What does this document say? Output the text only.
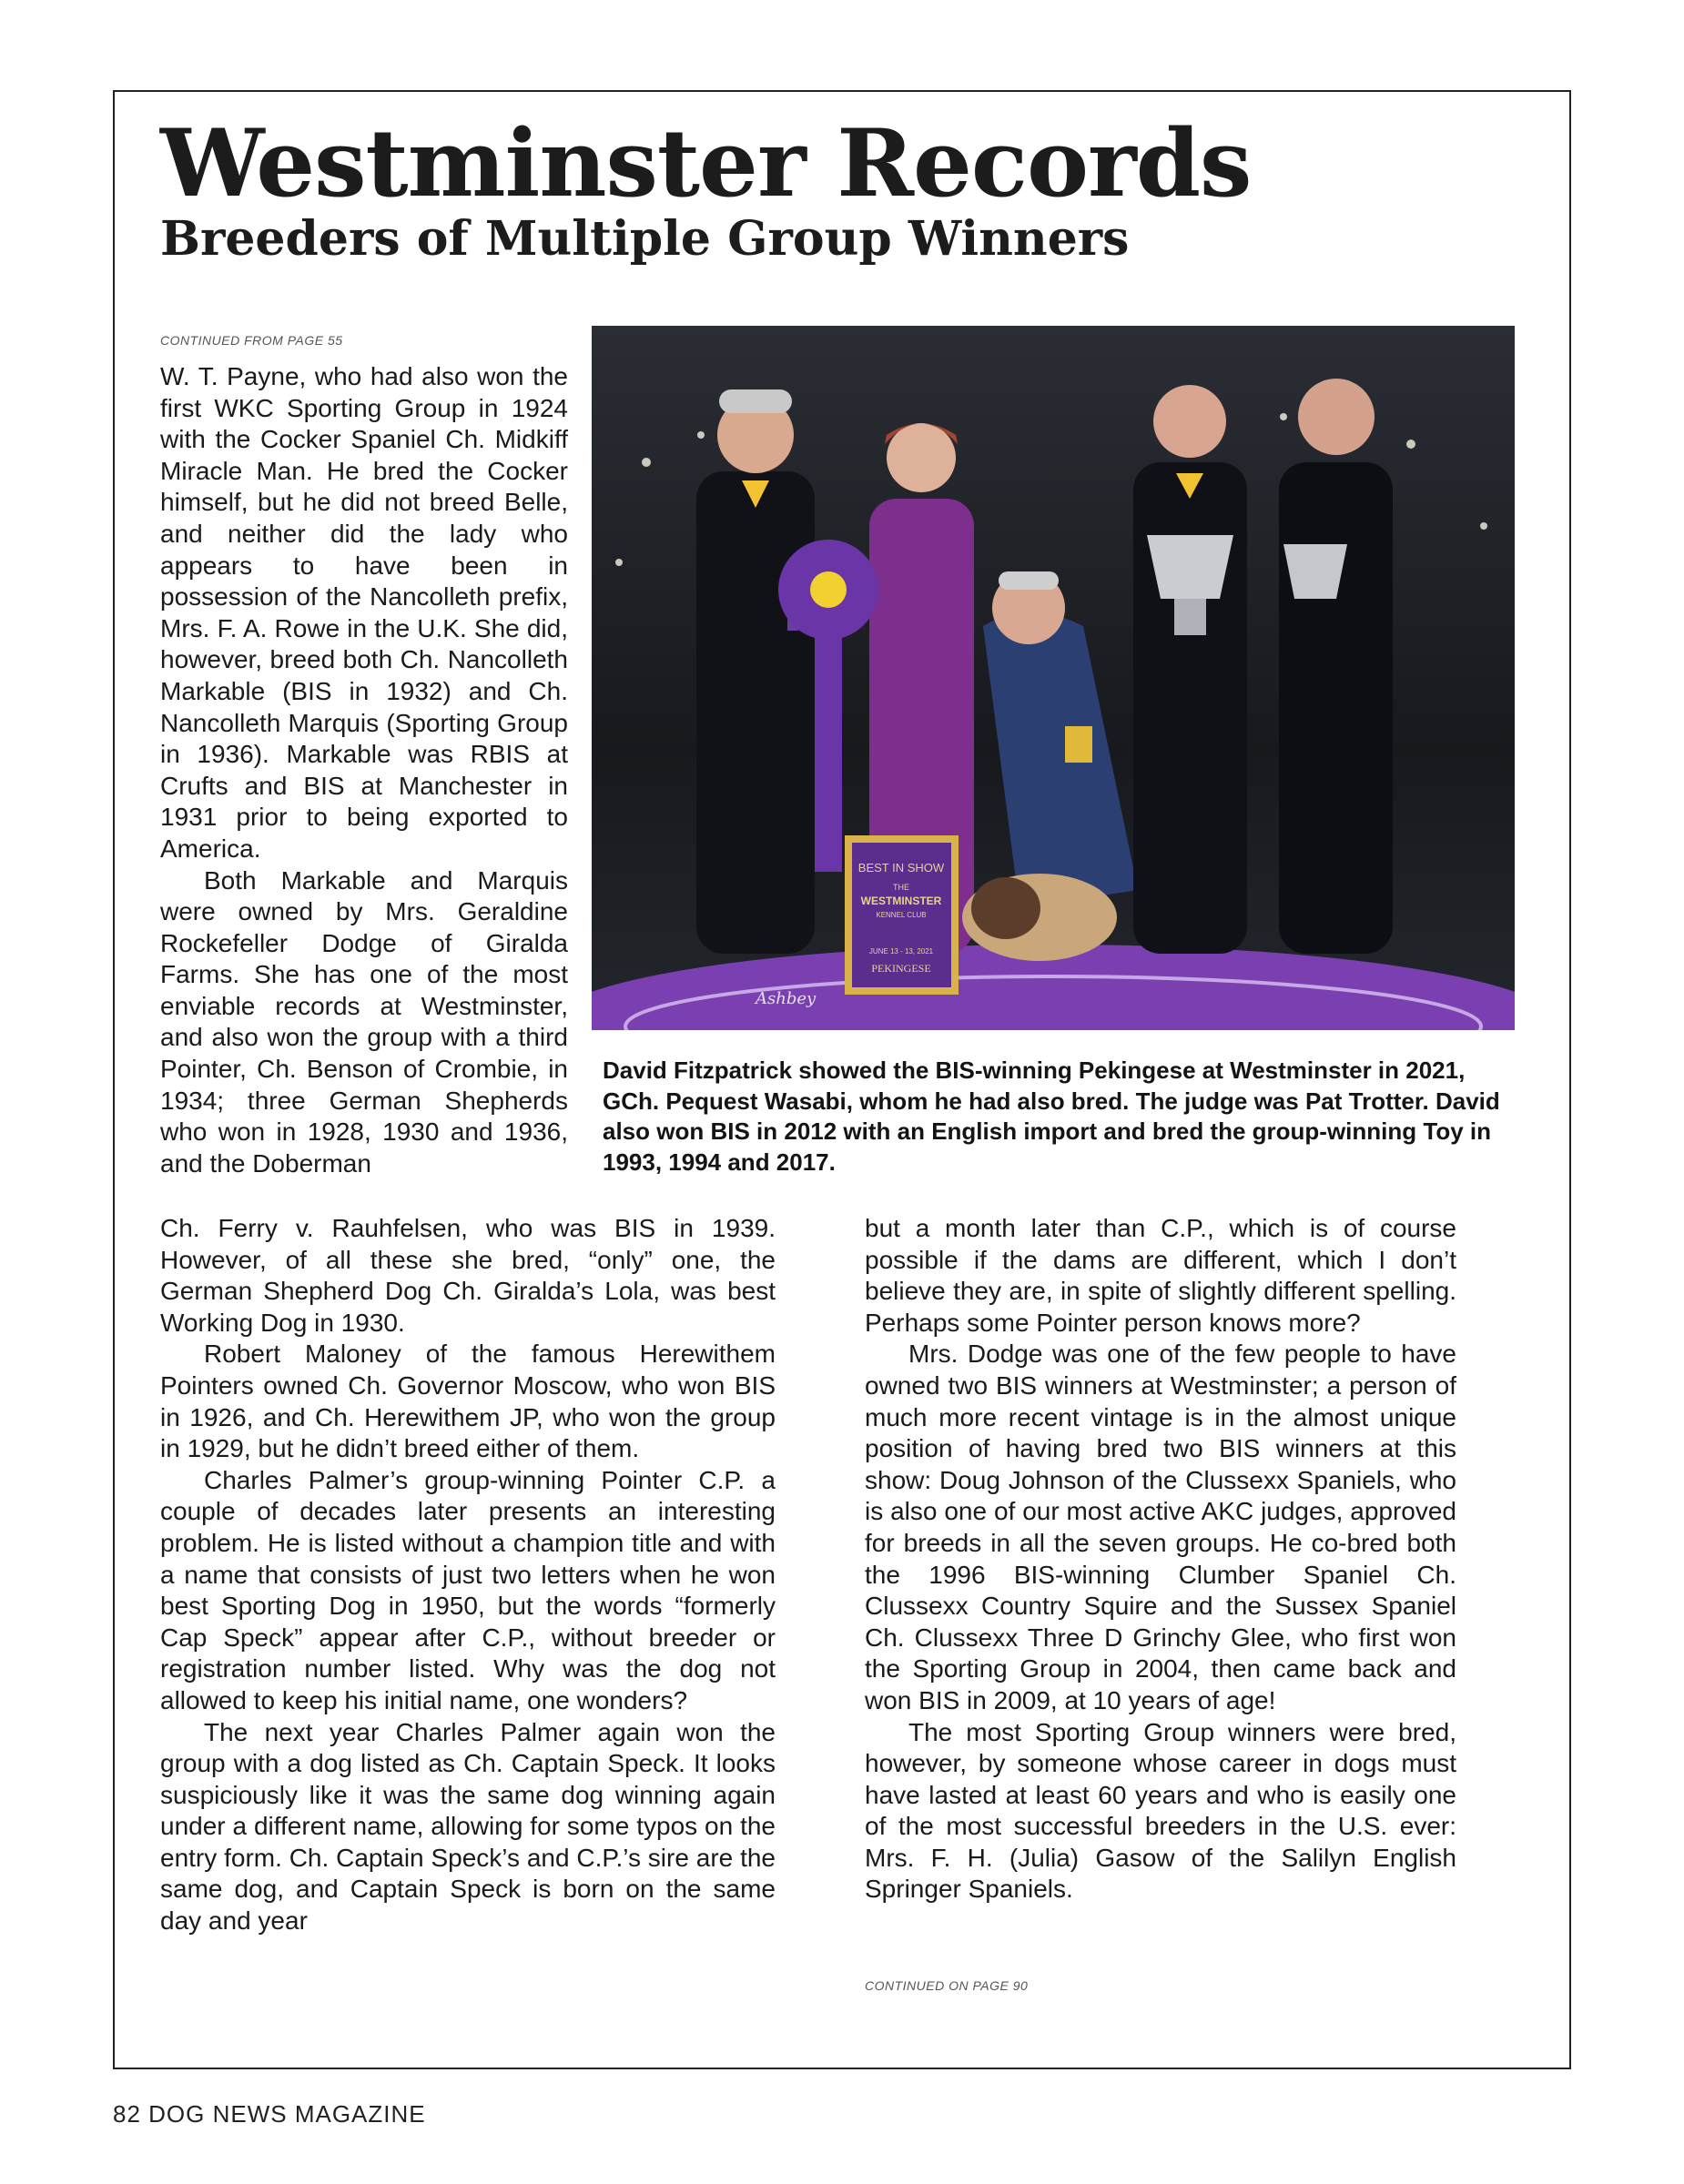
Westminster Records
Breeders of Multiple Group Winners
CONTINUED FROM PAGE 55

W. T. Payne, who had also won the first WKC Sporting Group in 1924 with the Cocker Spaniel Ch. Midkiff Miracle Man. He bred the Cocker himself, but he did not breed Belle, and neither did the lady who appears to have been in possession of the Nancolleth prefix, Mrs. F. A. Rowe in the U.K. She did, however, breed both Ch. Nancolleth Markable (BIS in 1932) and Ch. Nancolleth Marquis (Sporting Group in 1936). Markable was RBIS at Crufts and BIS at Manchester in 1931 prior to being exported to America.

Both Markable and Marquis were owned by Mrs. Geraldine Rockefeller Dodge of Giralda Farms. She has one of the most enviable records at Westminster, and also won the group with a third Pointer, Ch. Benson of Crombie, in 1934; three German Shepherds who won in 1928, 1930 and 1936, and the Doberman

BEST IN SHOW
THE
WESTMINSTER
KENNEL CLUB
JUNE 13 - 13, 2021
PEKINGESE
Ashbey
David Fitzpatrick showed the BIS-winning Pekingese at Westminster in 2021, GCh. Pequest Wasabi, whom he had also bred. The judge was Pat Trotter. David also won BIS in 2012 with an English import and bred the group-winning Toy in 1993, 1994 and 2017.

Ch. Ferry v. Rauhfelsen, who was BIS in 1939. However, of all these she bred, “only” one, the German Shepherd Dog Ch. Giralda’s Lola, was best Working Dog in 1930.

Robert Maloney of the famous Herewithem Pointers owned Ch. Governor Moscow, who won BIS in 1926, and Ch. Herewithem JP, who won the group in 1929, but he didn’t breed either of them.

Charles Palmer’s group-winning Pointer C.P. a couple of decades later presents an interesting problem. He is listed without a champion title and with a name that consists of just two letters when he won best Sporting Dog in 1950, but the words “formerly Cap Speck” appear after C.P., without breeder or registration number listed. Why was the dog not allowed to keep his initial name, one wonders?

The next year Charles Palmer again won the group with a dog listed as Ch. Captain Speck. It looks suspiciously like it was the same dog winning again under a different name, allowing for some typos on the entry form. Ch. Captain Speck’s and C.P.’s sire are the same dog, and Captain Speck is born on the same day and year

but a month later than C.P., which is of course possible if the dams are different, which I don’t believe they are, in spite of slightly different spelling. Perhaps some Pointer person knows more?

Mrs. Dodge was one of the few people to have owned two BIS winners at Westminster; a person of much more recent vintage is in the almost unique position of having bred two BIS winners at this show: Doug Johnson of the Clussexx Spaniels, who is also one of our most active AKC judges, approved for breeds in all the seven groups. He co-bred both the 1996 BIS-winning Clumber Spaniel Ch. Clussexx Country Squire and the Sussex Spaniel Ch. Clussexx Three D Grinchy Glee, who first won the Sporting Group in 2004, then came back and won BIS in 2009, at 10 years of age!

The most Sporting Group winners were bred, however, by someone whose career in dogs must have lasted at least 60 years and who is easily one of the most successful breeders in the U.S. ever: Mrs. F. H. (Julia) Gasow of the Salilyn English Springer Spaniels.

CONTINUED ON PAGE 90
82 DOG NEWS MAGAZINE
